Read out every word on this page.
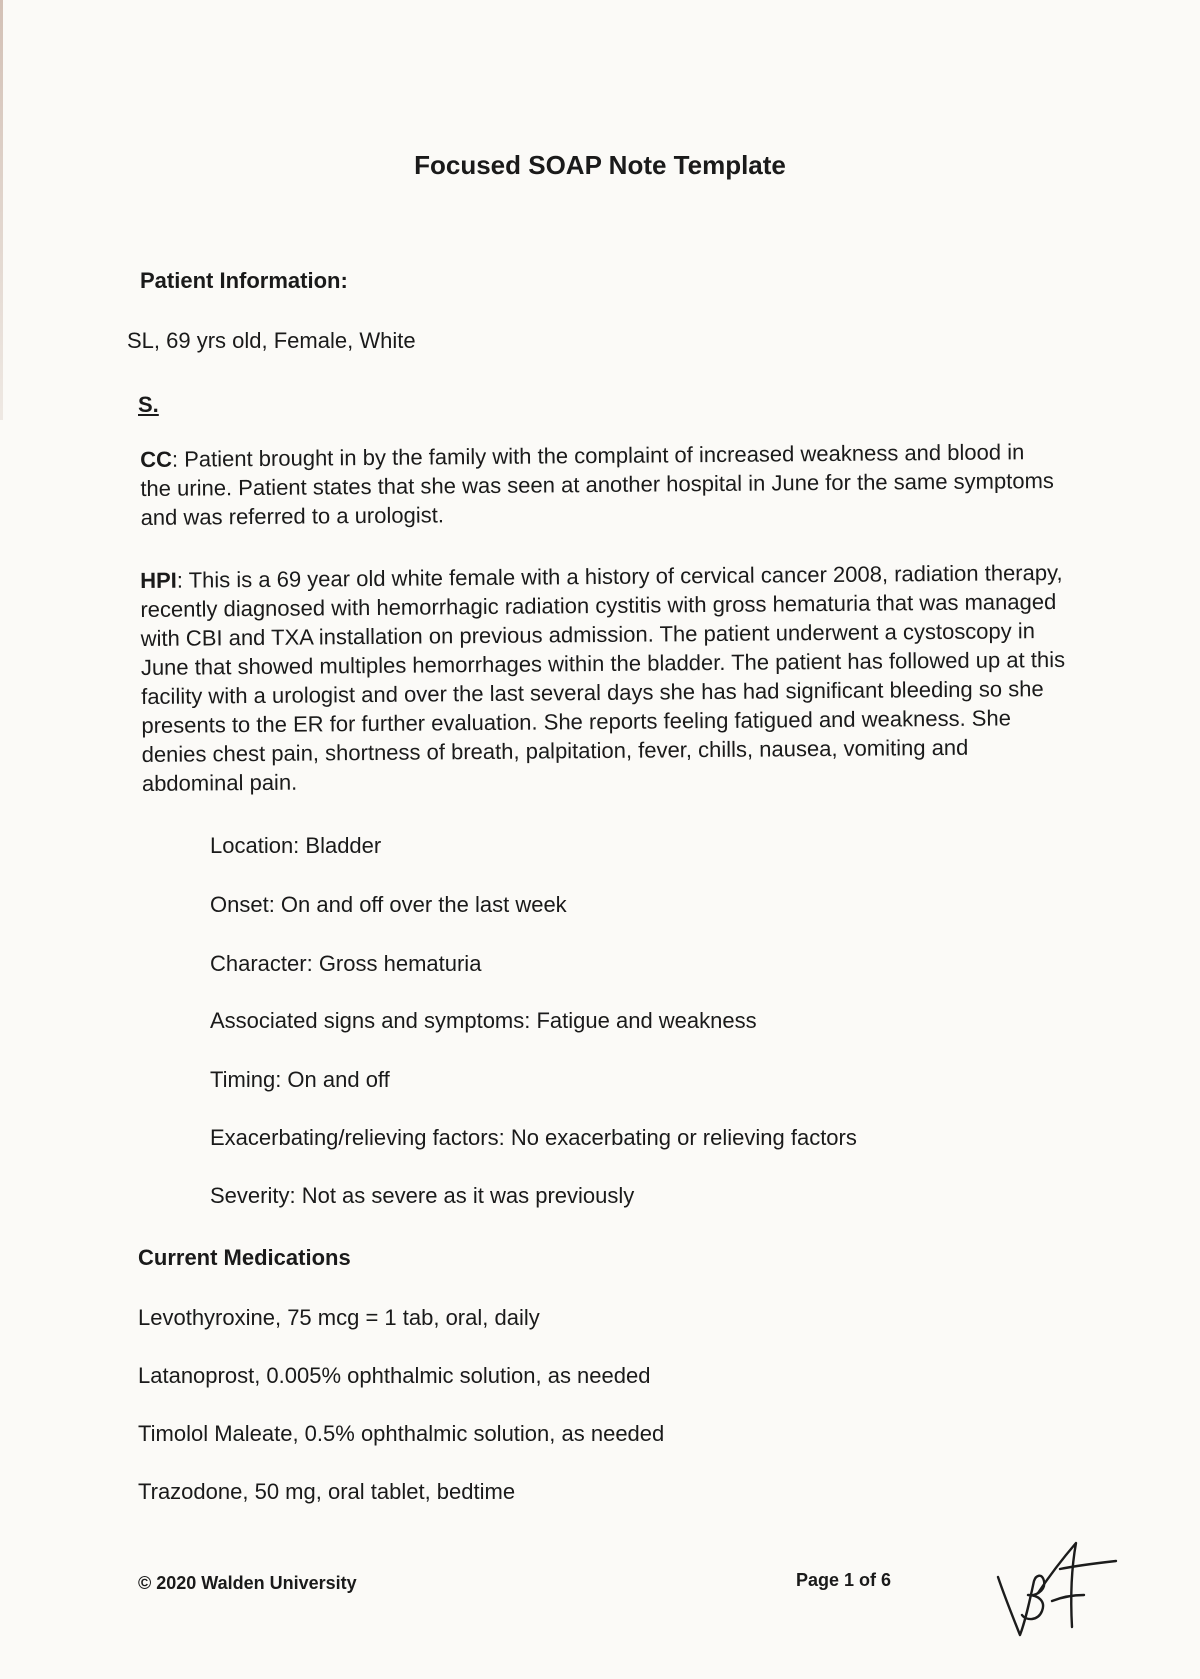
Focused SOAP Note Template
Patient Information:
SL, 69 yrs old, Female, White
S.
CC: Patient brought in by the family with the complaint of increased weakness and blood in the urine. Patient states that she was seen at another hospital in June for the same symptoms and was referred to a urologist.
HPI: This is a 69 year old white female with a history of cervical cancer 2008, radiation therapy, recently diagnosed with hemorrhagic radiation cystitis with gross hematuria that was managed with CBI and TXA installation on previous admission. The patient underwent a cystoscopy in June that showed multiples hemorrhages within the bladder. The patient has followed up at this facility with a urologist and over the last several days she has had significant bleeding so she presents to the ER for further evaluation. She reports feeling fatigued and weakness. She denies chest pain, shortness of breath, palpitation, fever, chills, nausea, vomiting and abdominal pain.
Location: Bladder
Onset: On and off over the last week
Character: Gross hematuria
Associated signs and symptoms: Fatigue and weakness
Timing: On and off
Exacerbating/relieving factors: No exacerbating or relieving factors
Severity: Not as severe as it was previously
Current Medications
Levothyroxine, 75 mcg = 1 tab, oral, daily
Latanoprost, 0.005% ophthalmic solution, as needed
Timolol Maleate, 0.5% ophthalmic solution, as needed
Trazodone, 50 mg, oral tablet, bedtime
© 2020 Walden University	Page 1 of 6
